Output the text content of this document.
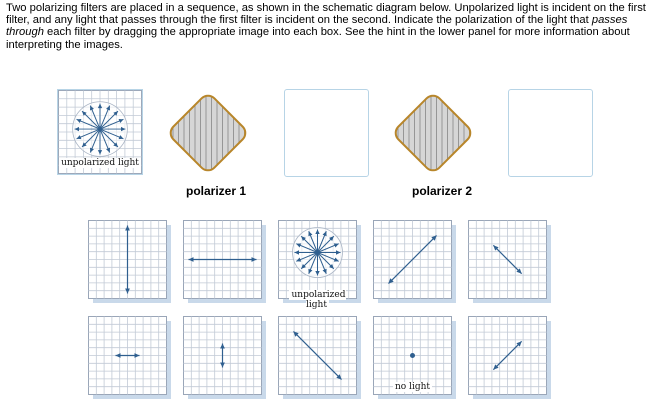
Two polarizing filters are placed in a sequence, as shown in the schematic diagram below. Unpolarized light is incident on the first filter, and any light that passes through the first filter is incident on the second. Indicate the polarization of the light that passes through each filter by dragging the appropriate image into each box. See the hint in the lower panel for more information about interpreting the images.

unpolarized light
polarizer 1	polarizer 2
unpolarized light
no light
